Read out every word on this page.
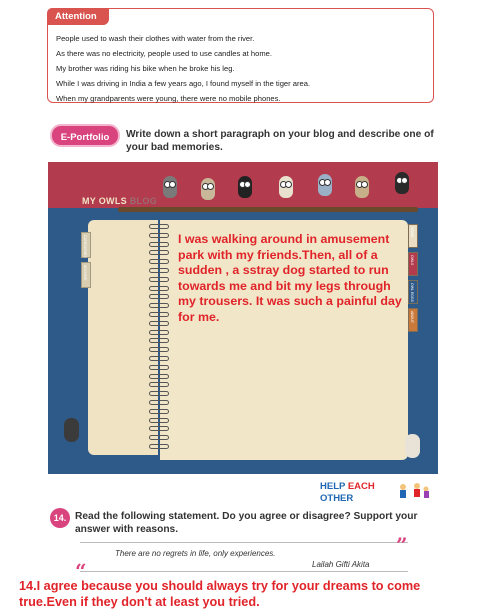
Attention
People used to wash their clothes with water from the river.
As there was no electricity, people used to use candles at home.
My brother was riding his bike when he broke his leg.
While I was driving in India a few years ago, I found myself in the tiger area.
When my grandparents were young, there were no mobile phones.
E-Portfolio	Write down a short paragraph on your blog and describe one of your bad memories.
MY OWLS BLOG
CATEGORIES
ARCHIVE
HOME
OWLS
OWL EGGS
ABOUT
I was walking around in amusement park with my friends.Then, all of a sudden , a sstray dog started to run towards me and bit my legs through my trousers. It was such a painful day for me.
HELP EACH
OTHER
14. Read the following statement. Do you agree or disagree? Support your answer with reasons.
“
”
There are no regrets in life, only experiences.
Lailah Gifti Akita
14.I agree because you should always try for your dreams to come true.Even if they don't at least you tried.
